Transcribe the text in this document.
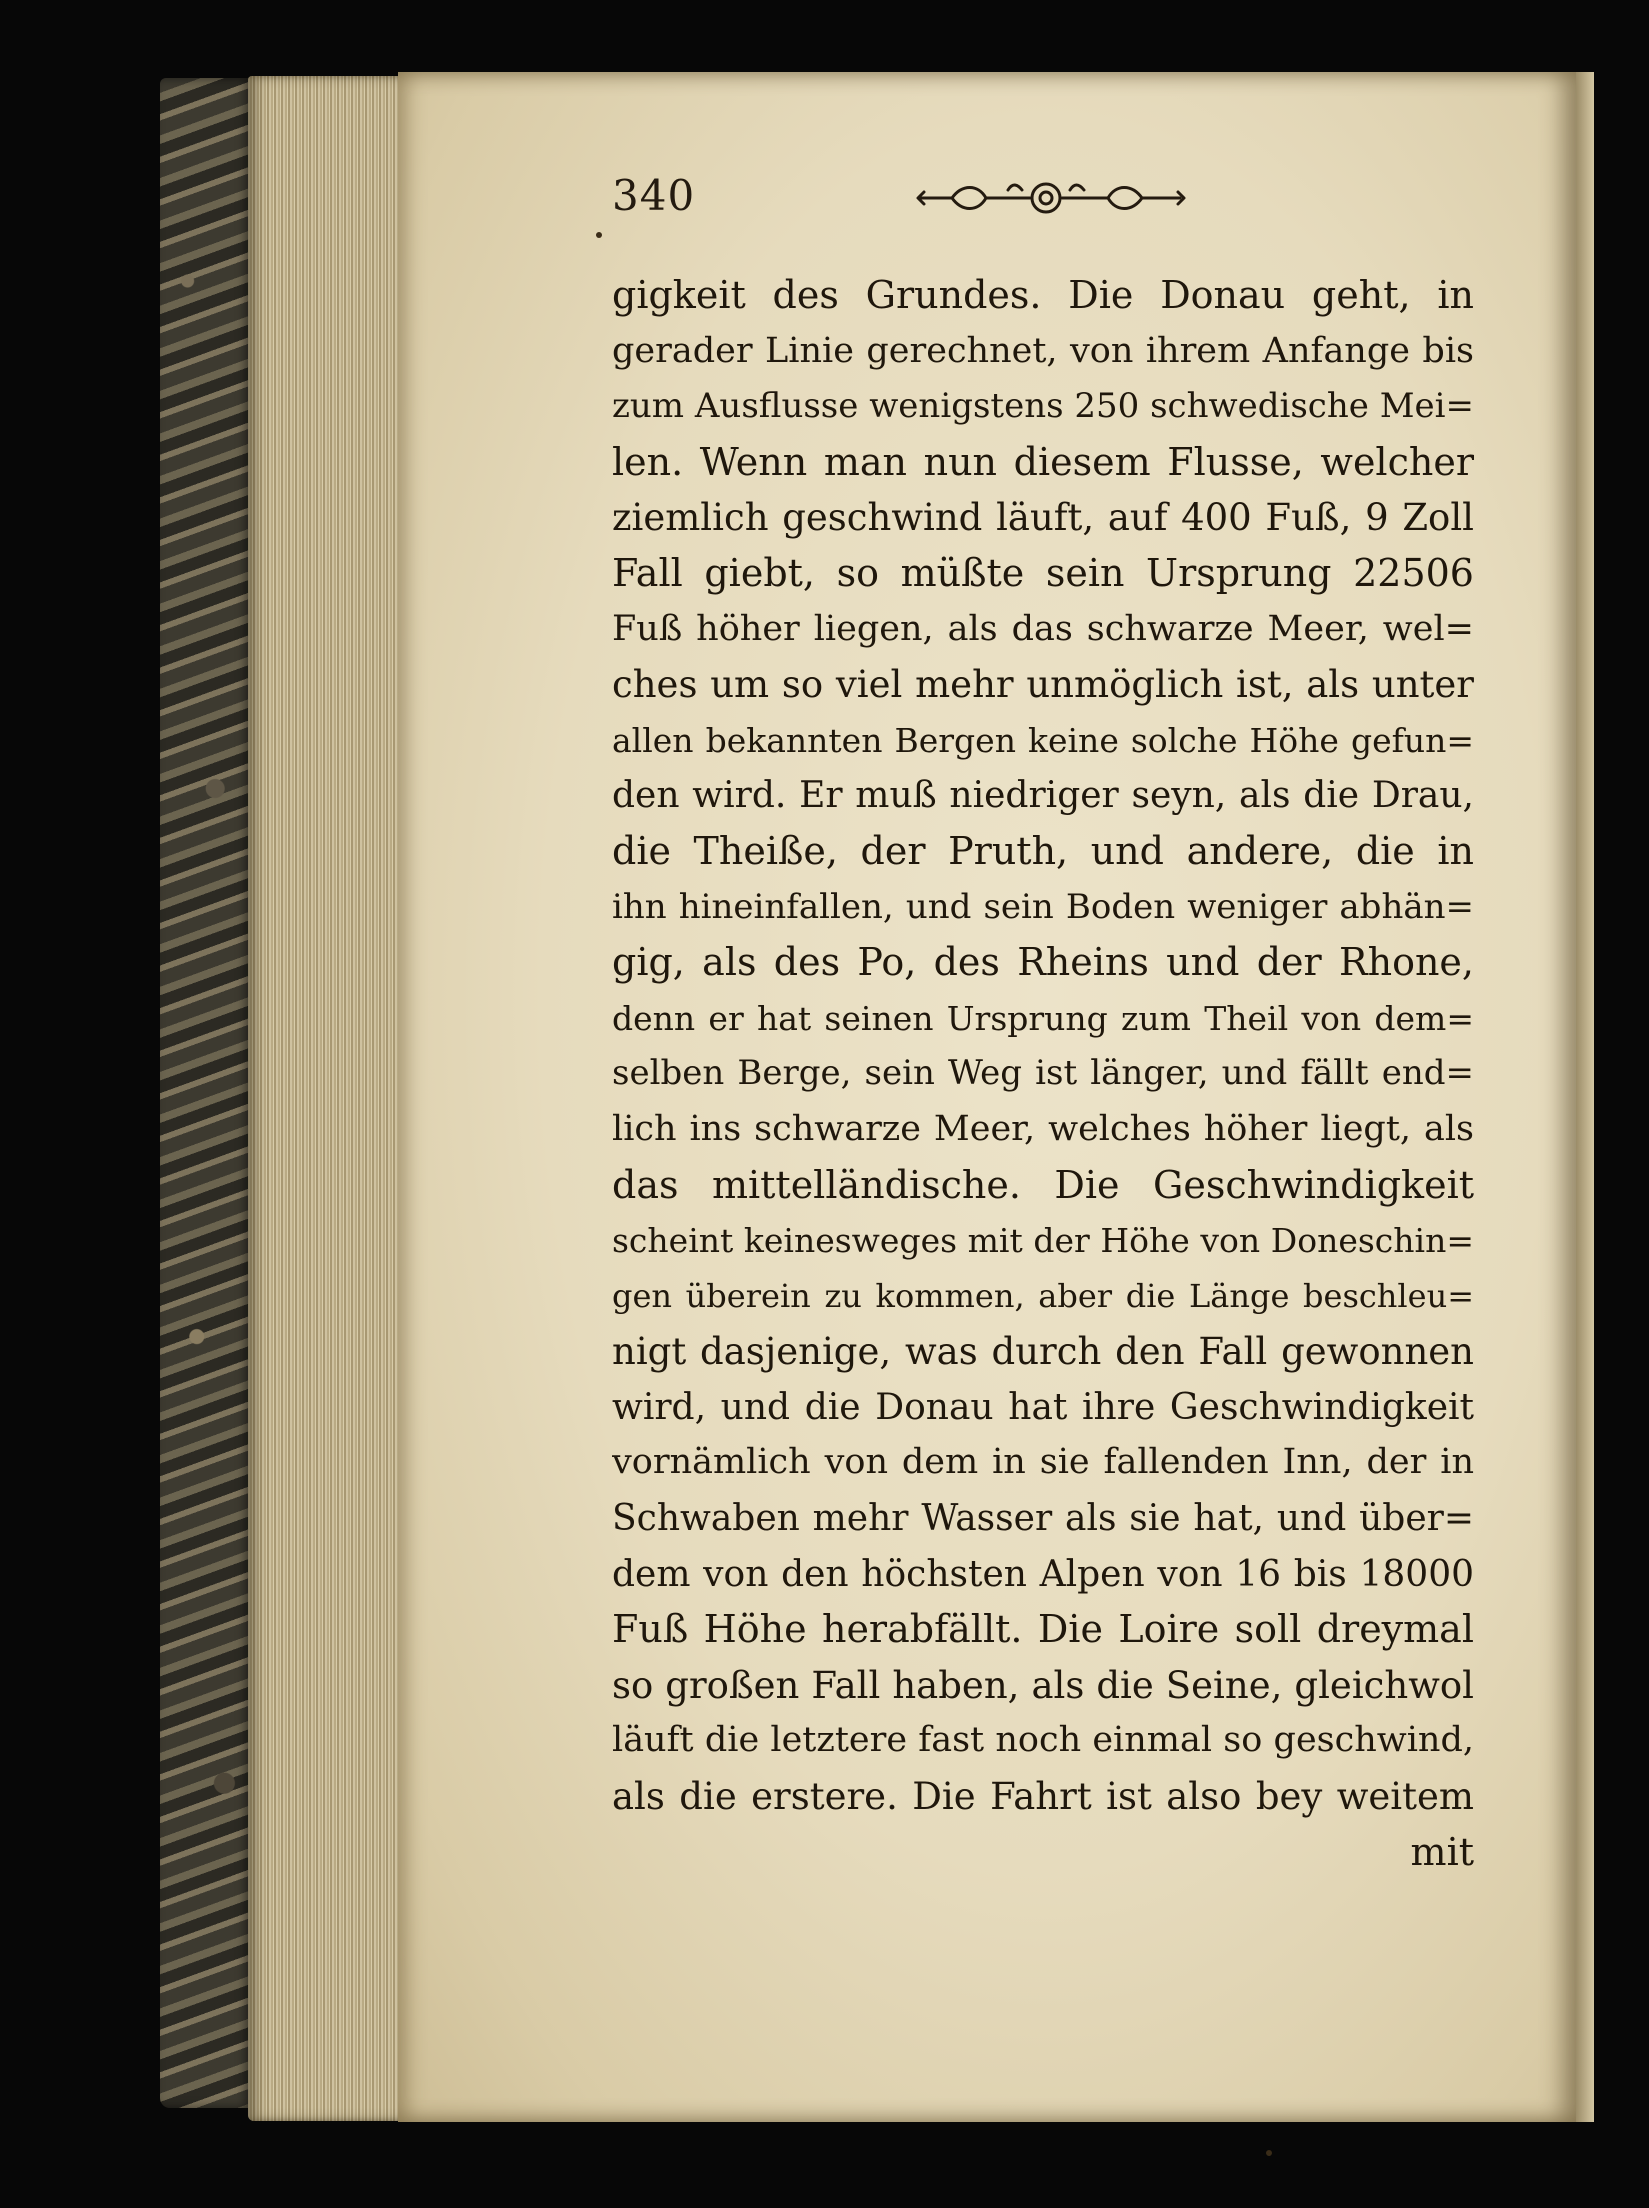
340
gigkeit des Grundes. Die Donau geht, in
gerader Linie gerechnet, von ihrem Anfange bis
zum Ausflusse wenigstens 250 schwedische Mei=
len. Wenn man nun diesem Flusse, welcher
ziemlich geschwind läuft, auf 400 Fuß, 9 Zoll
Fall giebt, so müßte sein Ursprung 22506
Fuß höher liegen, als das schwarze Meer, wel=
ches um so viel mehr unmöglich ist, als unter
allen bekannten Bergen keine solche Höhe gefun=
den wird. Er muß niedriger seyn, als die Drau,
die Theiße, der Pruth, und andere, die in
ihn hineinfallen, und sein Boden weniger abhän=
gig, als des Po, des Rheins und der Rhone,
denn er hat seinen Ursprung zum Theil von dem=
selben Berge, sein Weg ist länger, und fällt end=
lich ins schwarze Meer, welches höher liegt, als
das mittelländische. Die Geschwindigkeit
scheint keinesweges mit der Höhe von Doneschin=
gen überein zu kommen, aber die Länge beschleu=
nigt dasjenige, was durch den Fall gewonnen
wird, und die Donau hat ihre Geschwindigkeit
vornämlich von dem in sie fallenden Inn, der in
Schwaben mehr Wasser als sie hat, und über=
dem von den höchsten Alpen von 16 bis 18000
Fuß Höhe herabfällt. Die Loire soll dreymal
so großen Fall haben, als die Seine, gleichwol
läuft die letztere fast noch einmal so geschwind,
als die erstere. Die Fahrt ist also bey weitem
mit
